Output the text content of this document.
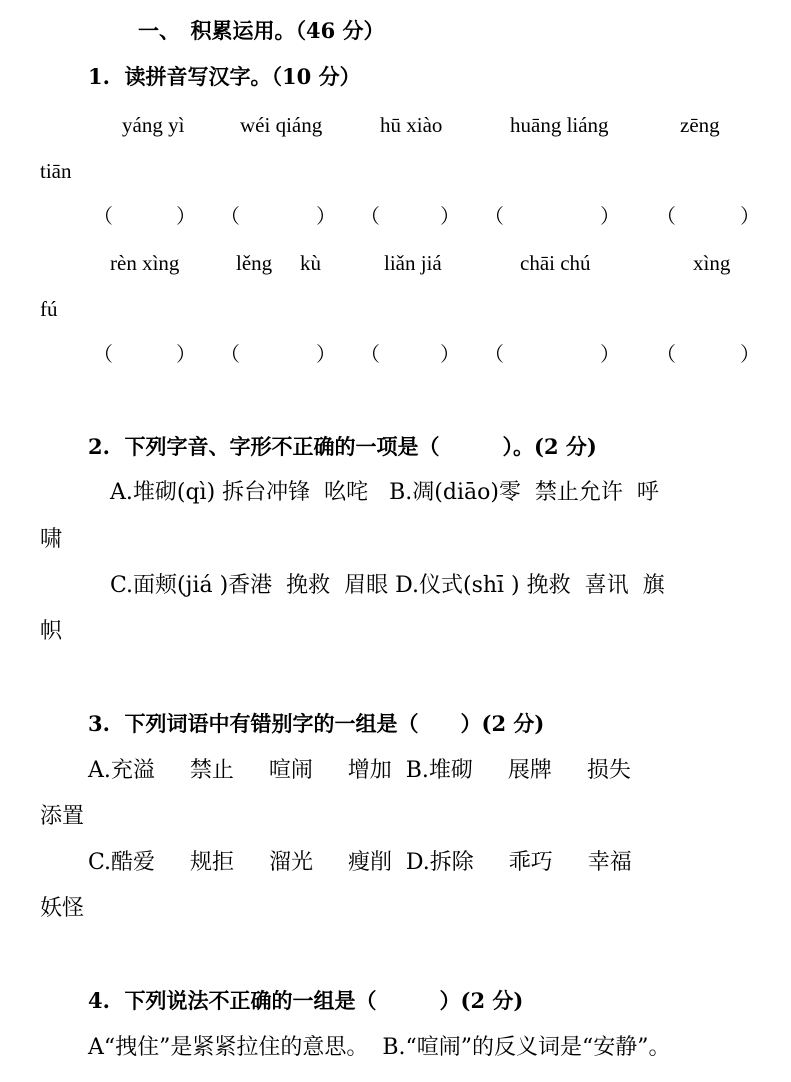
一、　积累运用。（46 分）
1.  读拼音写汉字。（10 分）
yáng yì	wéi qiáng	hū xiào	huāng liáng	zēng
tiān
（	） （	） （	） （	） （	）
rèn xìng	lěng kù	liǎn jiá	chāi chú	xìng
fú
（	） （	） （	） （	） （	）
2.  下列字音、字形不正确的一项是（　　　）。(2 分)
A.堆砌(qì) 拆台冲锋  吆咤   B.凋(diāo)零  禁止允许  呼
啸
C.面颊(jiá )香港  挽救  眉眼 D.仪式(shī ) 挽救  喜讯  旗
帜
3.  下列词语中有错别字的一组是（　　）(2 分)
A.充溢     禁止     喧闹     增加  B.堆砌     展牌     损失
添置
C.酷爱     规拒     溜光     瘦削  D.拆除     乖巧     幸福
妖怪
4.  下列说法不正确的一组是（　　　）(2 分)
A“拽住”是紧紧拉住的意思。  B.“喧闹”的反义词是“安静”。
